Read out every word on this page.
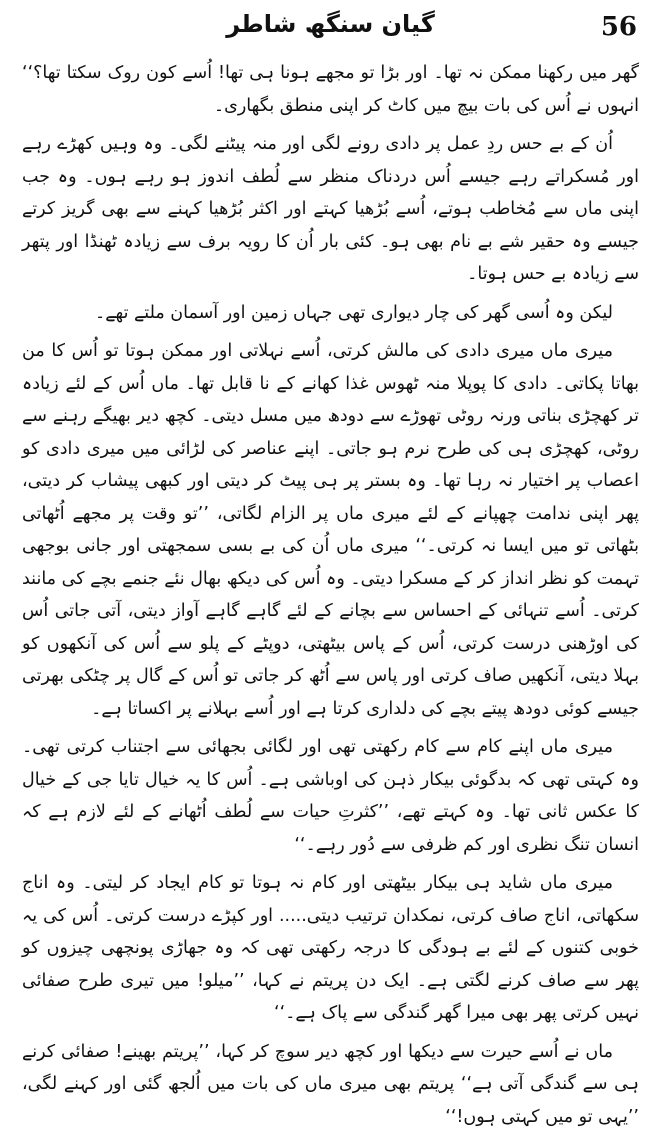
گیان سنگھ شاطر	56

گھر میں رکھنا ممکن نہ تھا۔ اور بڑا تو مجھے ہونا ہی تھا! اُسے کون روک سکتا تھا؟‘‘ انہوں نے اُس کی بات بیچ میں کاٹ کر اپنی منطق بگھاری۔

اُن کے بے حس ردِ عمل پر دادی رونے لگی اور منہ پیٹنے لگی۔ وہ وہیں کھڑے رہے اور مُسکراتے رہے جیسے اُس دردناک منظر سے لُطف اندوز ہو رہے ہوں۔ وہ جب اپنی ماں سے مُخاطب ہوتے، اُسے بُڑھیا کہتے اور اکثر بُڑھیا کہنے سے بھی گریز کرتے جیسے وہ حقیر شے بے نام بھی ہو۔ کئی بار اُن کا رویہ برف سے زیادہ ٹھنڈا اور پتھر سے زیادہ بے حس ہوتا۔

لیکن وہ اُسی گھر کی چار دیواری تھی جہاں زمین اور آسمان ملتے تھے۔

میری ماں میری دادی کی مالش کرتی، اُسے نہلاتی اور ممکن ہوتا تو اُس کا من بھاتا پکاتی۔ دادی کا پوپلا منہ ٹھوس غذا کھانے کے نا قابل تھا۔ ماں اُس کے لئے زیادہ تر کھچڑی بناتی ورنہ روٹی تھوڑے سے دودھ میں مسل دیتی۔ کچھ دیر بھیگے رہنے سے روٹی، کھچڑی ہی کی طرح نرم ہو جاتی۔ اپنے عناصر کی لڑائی میں میری دادی کو اعصاب پر اختیار نہ رہا تھا۔ وہ بستر پر ہی پیٹ کر دیتی اور کبھی پیشاب کر دیتی، پھر اپنی ندامت چھپانے کے لئے میری ماں پر الزام لگاتی، ’’تو وقت پر مجھے اُٹھاتی بٹھاتی تو میں ایسا نہ کرتی۔‘‘ میری ماں اُن کی بے بسی سمجھتی اور جانی بوجھی تہمت کو نظر انداز کر کے مسکرا دیتی۔ وہ اُس کی دیکھ بھال نئے جنمے بچے کی مانند کرتی۔ اُسے تنہائی کے احساس سے بچانے کے لئے گاہے گاہے آواز دیتی، آتی جاتی اُس کی اوڑھنی درست کرتی، اُس کے پاس بیٹھتی، دوپٹے کے پلو سے اُس کی آنکھوں کو بہلا دیتی، آنکھیں صاف کرتی اور پاس سے اُٹھ کر جاتی تو اُس کے گال پر چٹکی بھرتی جیسے کوئی دودھ پیتے بچے کی دلداری کرتا ہے اور اُسے بہلانے پر اکساتا ہے۔

میری ماں اپنے کام سے کام رکھتی تھی اور لگائی بجھائی سے اجتناب کرتی تھی۔ وہ کہتی تھی کہ بدگوئی بیکار ذہن کی اوباشی ہے۔ اُس کا یہ خیال تایا جی کے خیال کا عکس ثانی تھا۔ وہ کہتے تھے، ’’کثرتِ حیات سے لُطف اُٹھانے کے لئے لازم ہے کہ انسان تنگ نظری اور کم ظرفی سے دُور رہے۔‘‘

میری ماں شاید ہی بیکار بیٹھتی اور کام نہ ہوتا تو کام ایجاد کر لیتی۔ وہ اناج سکھاتی، اناج صاف کرتی، نمکدان ترتیب دیتی..... اور کپڑے درست کرتی۔ اُس کی یہ خوبی کتنوں کے لئے بے ہودگی کا درجہ رکھتی تھی کہ وہ جھاڑی پونچھی چیزوں کو پھر سے صاف کرنے لگتی ہے۔ ایک دن پریتم نے کہا، ’’میلو! میں تیری طرح صفائی نہیں کرتی پھر بھی میرا گھر گندگی سے پاک ہے۔‘‘

ماں نے اُسے حیرت سے دیکھا اور کچھ دیر سوچ کر کہا، ’’پریتم بھینے! صفائی کرنے ہی سے گندگی آتی ہے‘‘ پریتم بھی میری ماں کی بات میں اُلجھ گئی اور کہنے لگی، ’’یہی تو میں کہتی ہوں!‘‘
